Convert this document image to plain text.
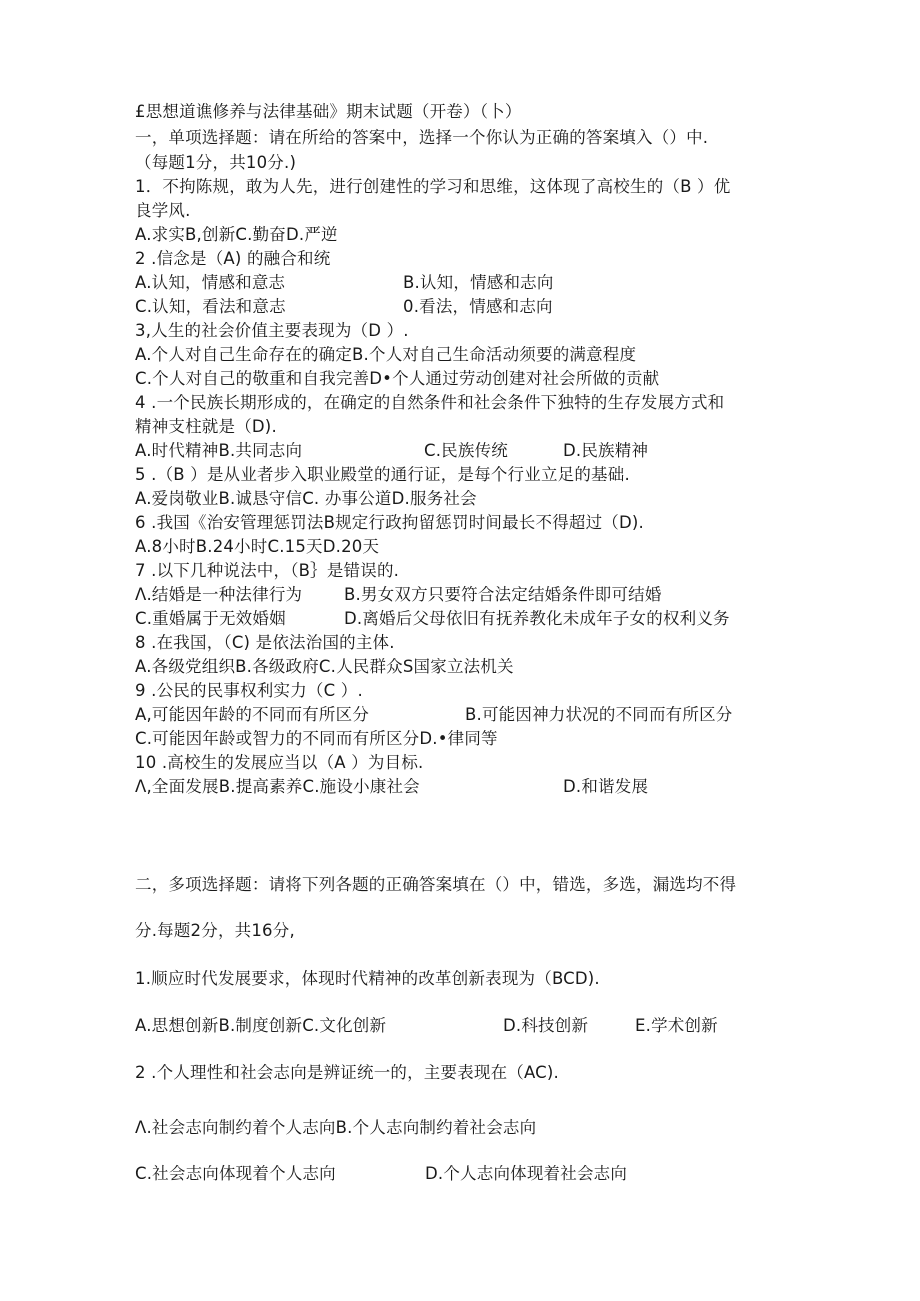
£思想道谯修养与法律基础》期末试题（开卷）（卜）
一，单项选择题：请在所给的答案中，选择一个你认为正确的答案填入（）中.
（每题1分，共10分.)
1．不拘陈规，敢为人先，进行创建性的学习和思维，这体现了高校生的（B ）优
良学风.
A.求实B,创新C.勤奋D.严逆
2 .信念是（A) 的融合和统
A.认知，情感和意志	B.认知，情感和志向
C.认知，看法和意志	0.看法，情感和志向
3,人生的社会价值主要表现为（D ）.
A.个人对自己生命存在的确定B.个人对自己生命活动须要的满意程度
C.个人对自己的敬重和自我完善D•个人通过劳动创建对社会所做的贡献
4 .一个民族长期形成的，在确定的自然条件和社会条件下独特的生存发展方式和
精神支柱就是（D).
A.时代精神B.共同志向	C.民族传统	D.民族精神
5 .（B ）是从业者步入职业殿堂的通行证，是每个行业立足的基础.
A.爱岗敬业B.诚恳守信C. 办事公道D.服务社会
6 .我国《治安管理惩罚法B规定行政拘留惩罚时间最长不得超过（D).
A.8小时B.24小时C.15天D.20天
7 .以下几种说法中，（B｝是错误的.
Λ.结婚是一种法律行为	B.男女双方只要符合法定结婚条件即可结婚
C.重婚属于无效婚姻	D.离婚后父母依旧有抚养教化未成年子女的权利义务
8 .在我国，（C) 是依法治国的主体.
A.各级党组织B.各级政府C.人民群众S国家立法机关
9 .公民的民事权利实力（C ）.
A,可能因年龄的不同而有所区分	B.可能因神力状况的不同而有所区分
C.可能因年龄或智力的不同而有所区分D.•律同等
10 .高校生的发展应当以（A ）为目标.
Λ,全面发展B.提高素养C.施设小康社会	D.和谐发展
二，多项选择题：请将下列各题的正确答案填在（）中，错选，多选，漏选均不得
分.每题2分，共16分,
1.顺应时代发展要求，体现时代精神的改革创新表现为（BCD).
A.思想创新B.制度创新C.文化创新	D.科技创新	E.学术创新
2 .个人理性和社会志向是辨证统一的，主要表现在（AC).
Λ.社会志向制约着个人志向B.个人志向制约着社会志向
C.社会志向体现着个人志向	D.个人志向体现着社会志向
